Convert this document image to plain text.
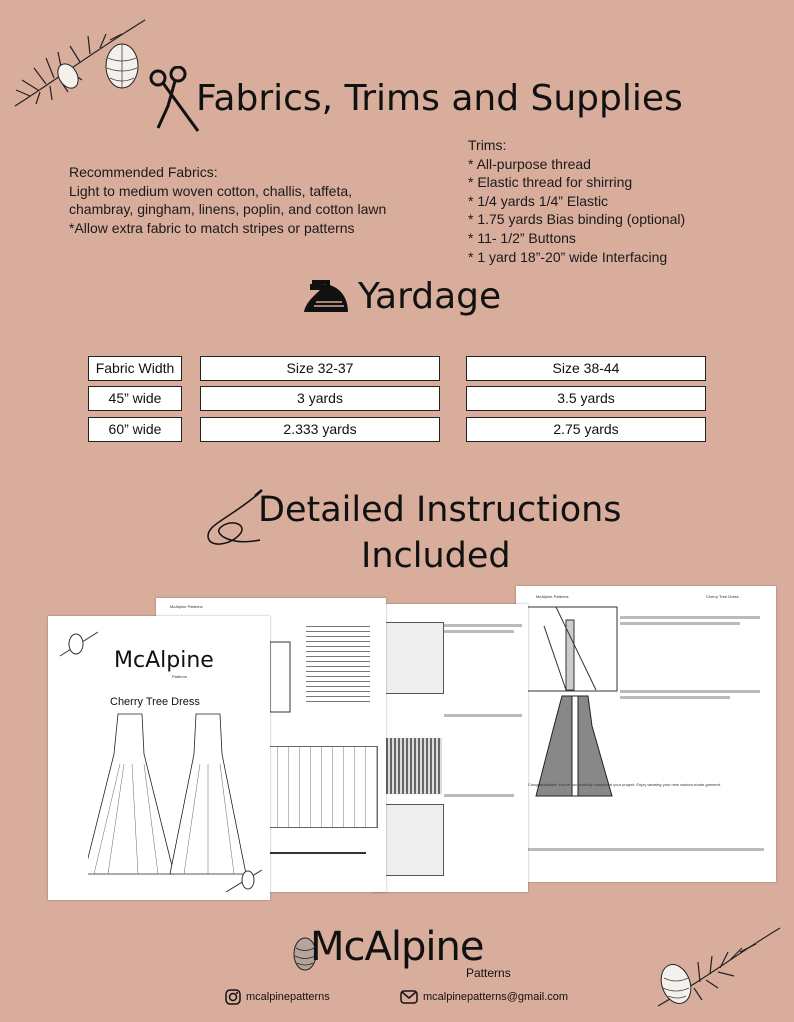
Fabrics, Trims and Supplies
Recommended Fabrics:
Light to medium woven cotton, challis, taffeta,
chambray, gingham, linens, poplin, and cotton lawn
*Allow extra fabric to match stripes or patterns
Trims:
* All-purpose thread
* Elastic thread for shirring
* 1/4 yards 1/4” Elastic
* 1.75 yards Bias binding (optional)
* 11- 1/2” Buttons
* 1 yard 18”-20” wide Interfacing
Yardage
Fabric Width	Size 32-37	Size 38-44
45” wide	3 yards	3.5 yards
60” wide	2.333 yards	2.75 yards
Detailed Instructions
Included
McAlpine Patterns	Cherry Tree Dress
Congratulations! You've successfully completed your project. Enjoy wearing your new custom-made garment.
McAlpine Patterns
McAlpine
Patterns
Cherry Tree Dress
McAlpine
Patterns
mcalpinepatterns	mcalpinepatterns@gmail.com
